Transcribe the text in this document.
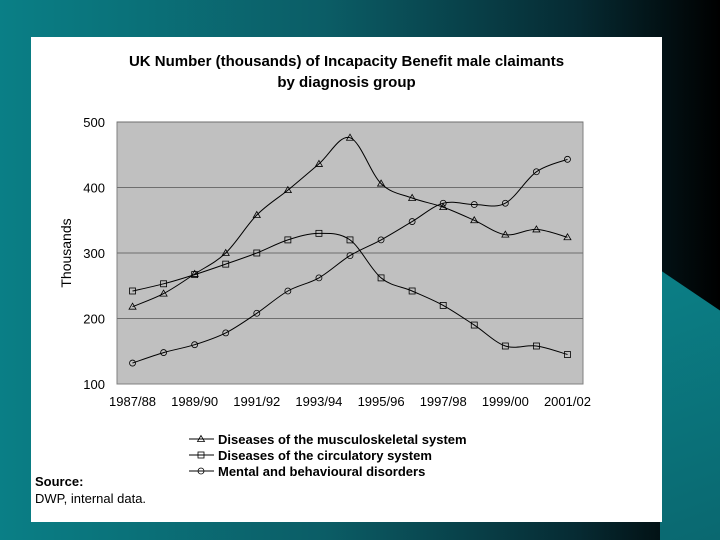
UK Number (thousands) of Incapacity Benefit male claimants
by diagnosis group
100
200
300
400
500
1987/88 1989/90 1991/92 1993/94 1995/96 1997/98 1999/00 2001/02
Thousands
Diseases of the musculoskeletal system
Diseases of the circulatory system
Mental and behavioural disorders
Source:
DWP, internal data.
